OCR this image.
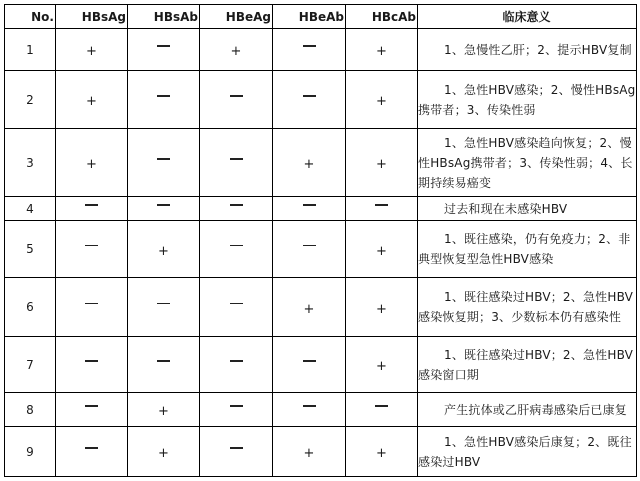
No.	HBsAg	HBsAb	HBeAg	HBeAb	HBcAb	临床意义
1	+		+		+	1、急慢性乙肝；2、提示HBV复制
2	+				+	1、急性HBV感染；2、慢性HBsAg携带者；3、传染性弱
3	+			+	+	1、急性HBV感染趋向恢复；2、慢性HBsAg携带者；3、传染性弱；4、长期持续易癌变
4						过去和现在未感染HBV
5		+			+	1、既往感染，仍有免疫力；2、非典型恢复型急性HBV感染
6				+	+	1、既往感染过HBV；2、急性HBV感染恢复期；3、少数标本仍有感染性
7					+	1、既往感染过HBV；2、急性HBV感染窗口期
8		+				产生抗体或乙肝病毒感染后已康复
9		+		+	+	1、急性HBV感染后康复；2、既往感染过HBV
